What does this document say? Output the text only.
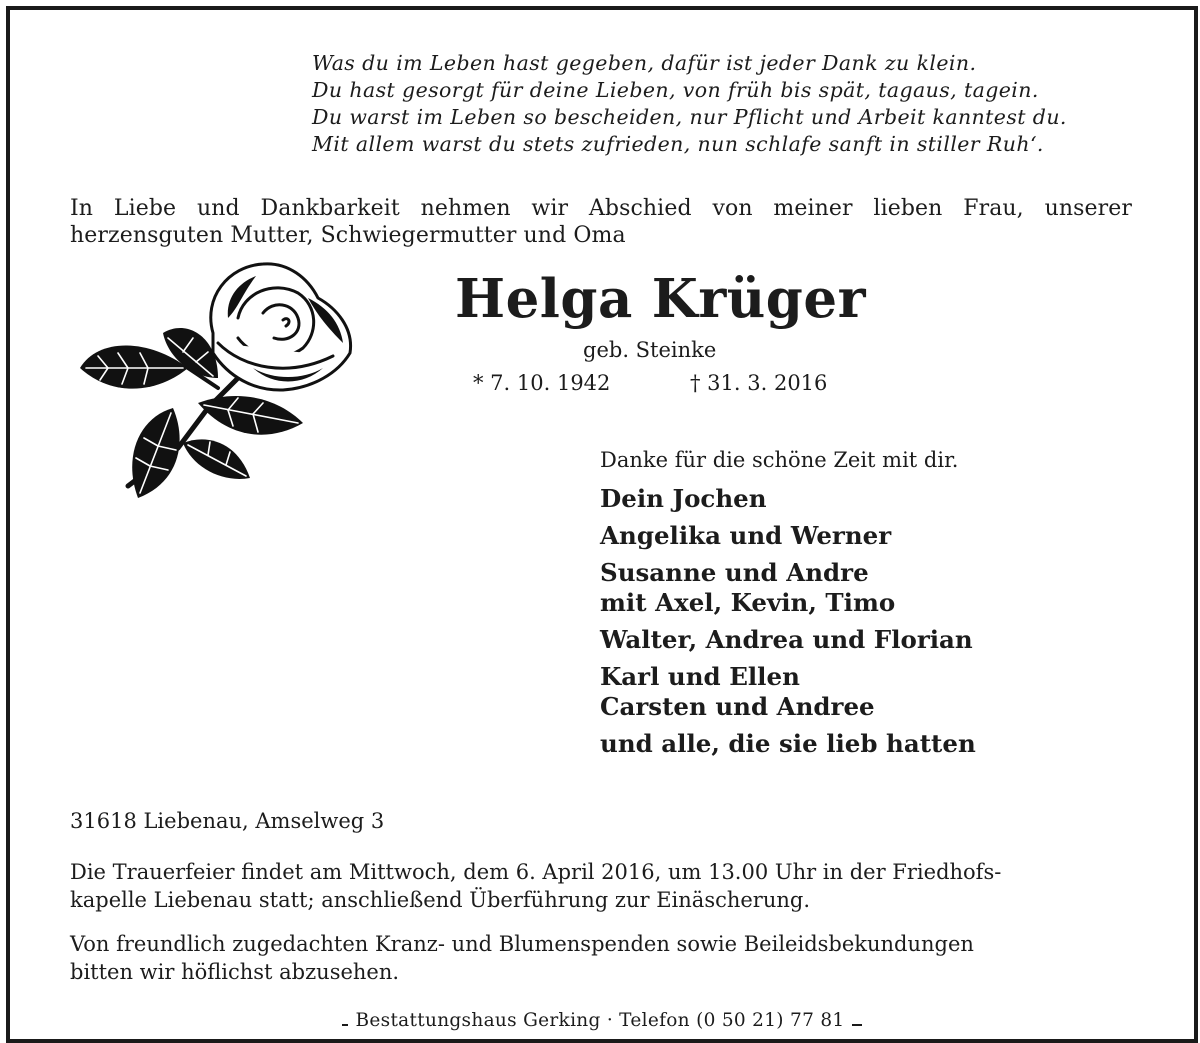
Was du im Leben hast gegeben, dafür ist jeder Dank zu klein.
Du hast gesorgt für deine Lieben, von früh bis spät, tagaus, tagein.
Du warst im Leben so bescheiden, nur Pflicht und Arbeit kanntest du.
Mit allem warst du stets zufrieden, nun schlafe sanft in stiller Ruh‘.
In Liebe und Dankbarkeit nehmen wir Abschied von meiner lieben Frau, unserer herzensguten Mutter, Schwiegermutter und Oma
Helga Krüger
geb. Steinke
* 7. 10. 1942	† 31. 3. 2016
Danke für die schöne Zeit mit dir.
Dein Jochen
Angelika und Werner
Susanne und Andre
mit Axel, Kevin, Timo
Walter, Andrea und Florian
Karl und Ellen
Carsten und Andree
und alle, die sie lieb hatten
31618 Liebenau, Amselweg 3
Die Trauerfeier findet am Mittwoch, dem 6. April 2016, um 13.00 Uhr in der Friedhofs-
kapelle Liebenau statt; anschließend Überführung zur Einäscherung.
Von freundlich zugedachten Kranz- und Blumenspenden sowie Beileidsbekundungen
bitten wir höflichst abzusehen.
Bestattungshaus Gerking · Telefon (0 50 21) 77 81
